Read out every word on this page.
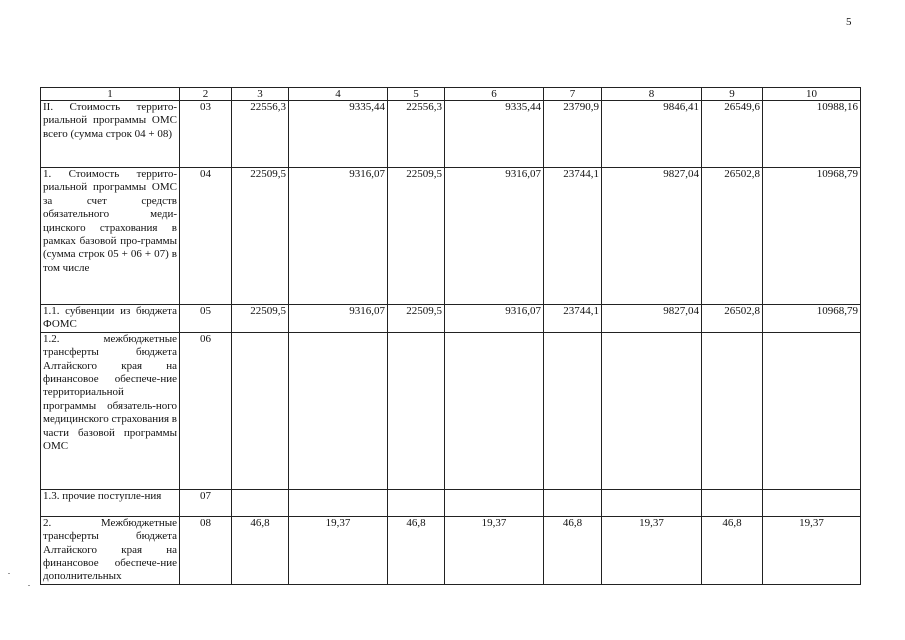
5
1	2	3	4	5	6	7	8	9	10
II. Стоимость террито-риальной программы ОМС всего (сумма строк 04 + 08)	03	22556,3	9335,44	22556,3	9335,44	23790,9	9846,41	26549,6	10988,16
1. Стоимость террито-риальной программы ОМС за счет средств обязательного меди-цинского страхования в рамках базовой про-граммы (сумма строк 05 + 06 + 07) в том числе	04	22509,5	9316,07	22509,5	9316,07	23744,1	9827,04	26502,8	10968,79
1.1. субвенции из бюджета ФОМС	05	22509,5	9316,07	22509,5	9316,07	23744,1	9827,04	26502,8	10968,79
1.2. межбюджетные трансферты бюджета Алтайского края на финансовое обеспече-ние территориальной программы обязатель-ного медицинского страхования в части базовой программы ОМС	06								
1.3. прочие поступле-ния	07								
2. Межбюджетные трансферты бюджета Алтайского края на финансовое обеспече-ние дополнительных	08	46,8	19,37	46,8	19,37	46,8	19,37	46,8	19,37
